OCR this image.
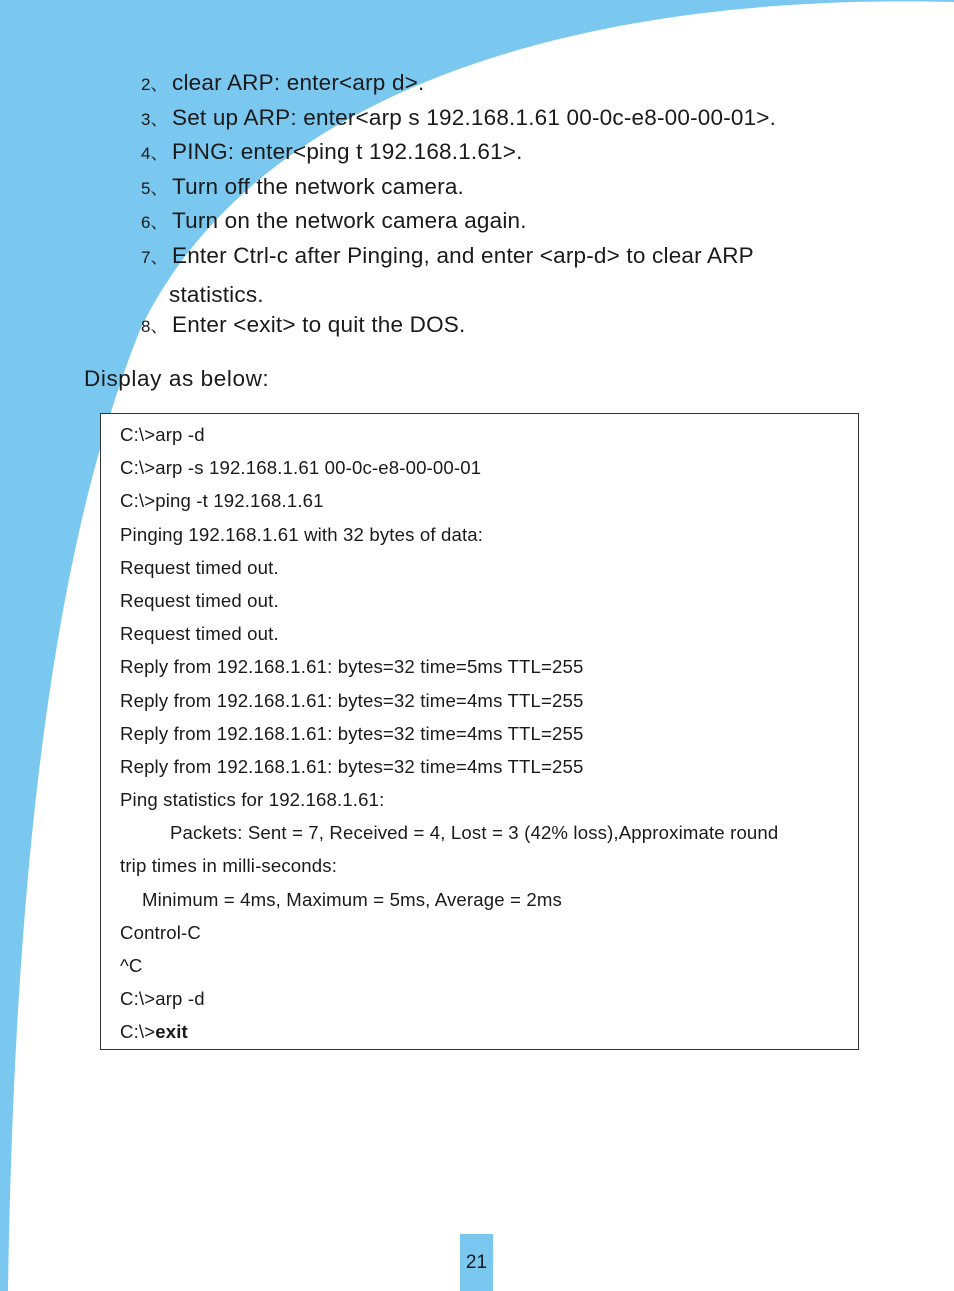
2、 clear ARP: enter<arp d>.
3、 Set up ARP: enter<arp s 192.168.1.61 00-0c-e8-00-00-01>.
4、 PING: enter<ping t 192.168.1.61>.
5、 Turn off the network camera.
6、 Turn on the network camera again.
7、 Enter Ctrl-c after Pinging, and enter <arp-d> to clear ARP
statistics.
8、 Enter <exit> to quit the DOS.
Display as below:
C:\>arp -d
C:\>arp -s 192.168.1.61 00-0c-e8-00-00-01
C:\>ping -t 192.168.1.61
Pinging 192.168.1.61 with 32 bytes of data:
Request timed out.
Request timed out.
Request timed out.
Reply from 192.168.1.61: bytes=32 time=5ms TTL=255
Reply from 192.168.1.61: bytes=32 time=4ms TTL=255
Reply from 192.168.1.61: bytes=32 time=4ms TTL=255
Reply from 192.168.1.61: bytes=32 time=4ms TTL=255
Ping statistics for 192.168.1.61:
Packets: Sent = 7, Received = 4, Lost = 3 (42% loss),Approximate round
trip times in milli-seconds:
Minimum = 4ms, Maximum = 5ms, Average = 2ms
Control-C
^C
C:\>arp -d
C:\>exit
21
